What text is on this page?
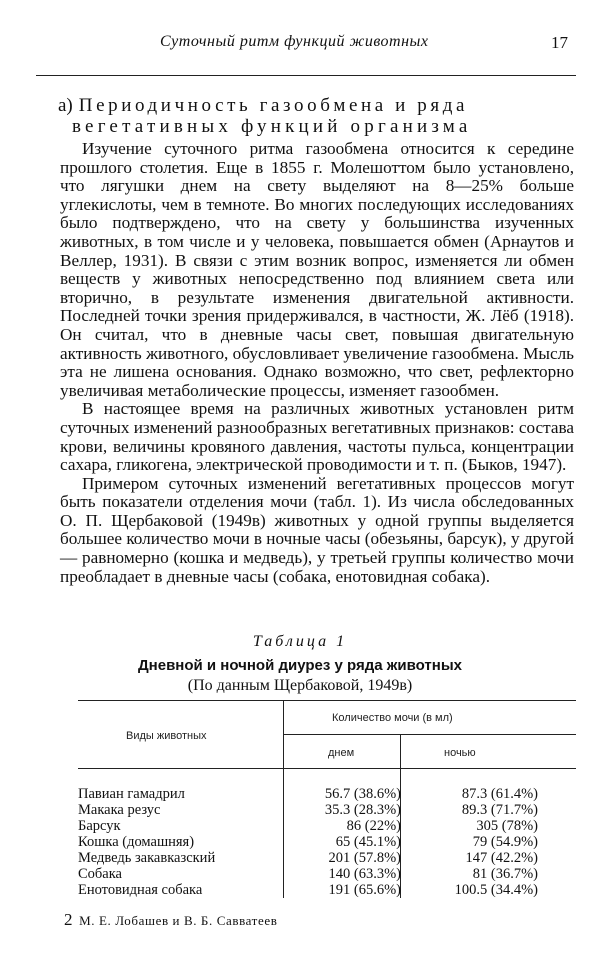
Суточный ритм функций животных	17
а) Периодичность газообмена и ряда
вегетативных функций организма

Изучение суточного ритма газообмена относится к середине прошлого столетия. Еще в 1855 г. Молешоттом было установлено, что лягушки днем на свету выделяют на 8—25% больше углекислоты, чем в темноте. Во многих последующих исследованиях было подтверждено, что на свету у большинства изученных животных, в том числе и у человека, повышается обмен (Арнаутов и Веллер, 1931). В связи с этим возник вопрос, изменяется ли обмен веществ у животных непосредственно под влиянием света или вторично, в результате изменения двигательной активности. Последней точки зрения придерживался, в частности, Ж. Лёб (1918). Он считал, что в дневные часы свет, повышая двигательную активность животного, обусловливает увеличение газообмена. Мысль эта не лишена основания. Однако возможно, что свет, рефлекторно увеличивая метаболические процессы, изменяет газообмен.

В настоящее время на различных животных установлен ритм суточных изменений разнообразных вегетативных признаков: состава крови, величины кровяного давления, частоты пульса, концентрации сахара, гликогена, электрической проводимости и т. п. (Быков, 1947).

Примером суточных изменений вегетативных процессов могут быть показатели отделения мочи (табл. 1). Из числа обследованных О. П. Щербаковой (1949в) животных у одной группы выделяется большее количество мочи в ночные часы (обезьяны, барсук), у другой — равномерно (кошка и медведь), у третьей группы количество мочи преобладает в дневные часы (собака, енотовидная собака).

Таблица 1
Дневной и ночной диурез у ряда животных
(По данным Щербаковой, 1949в)
Виды животных
Количество мочи (в мл)
днем	ночью
Павиан гамадрил	56.7 (38.6%)	87.3 (61.4%)
Макака резус	35.3 (28.3%)	89.3 (71.7%)
Барсук	86 (22%)	305 (78%)
Кошка (домашняя)	65 (45.1%)	79 (54.9%)
Медведь закавказский	201 (57.8%)	147 (42.2%)
Собака	140 (63.3%)	81 (36.7%)
Енотовидная собака	191 (65.6%)	100.5 (34.4%)
2 М. Е. Лобашев и В. Б. Савватеев
